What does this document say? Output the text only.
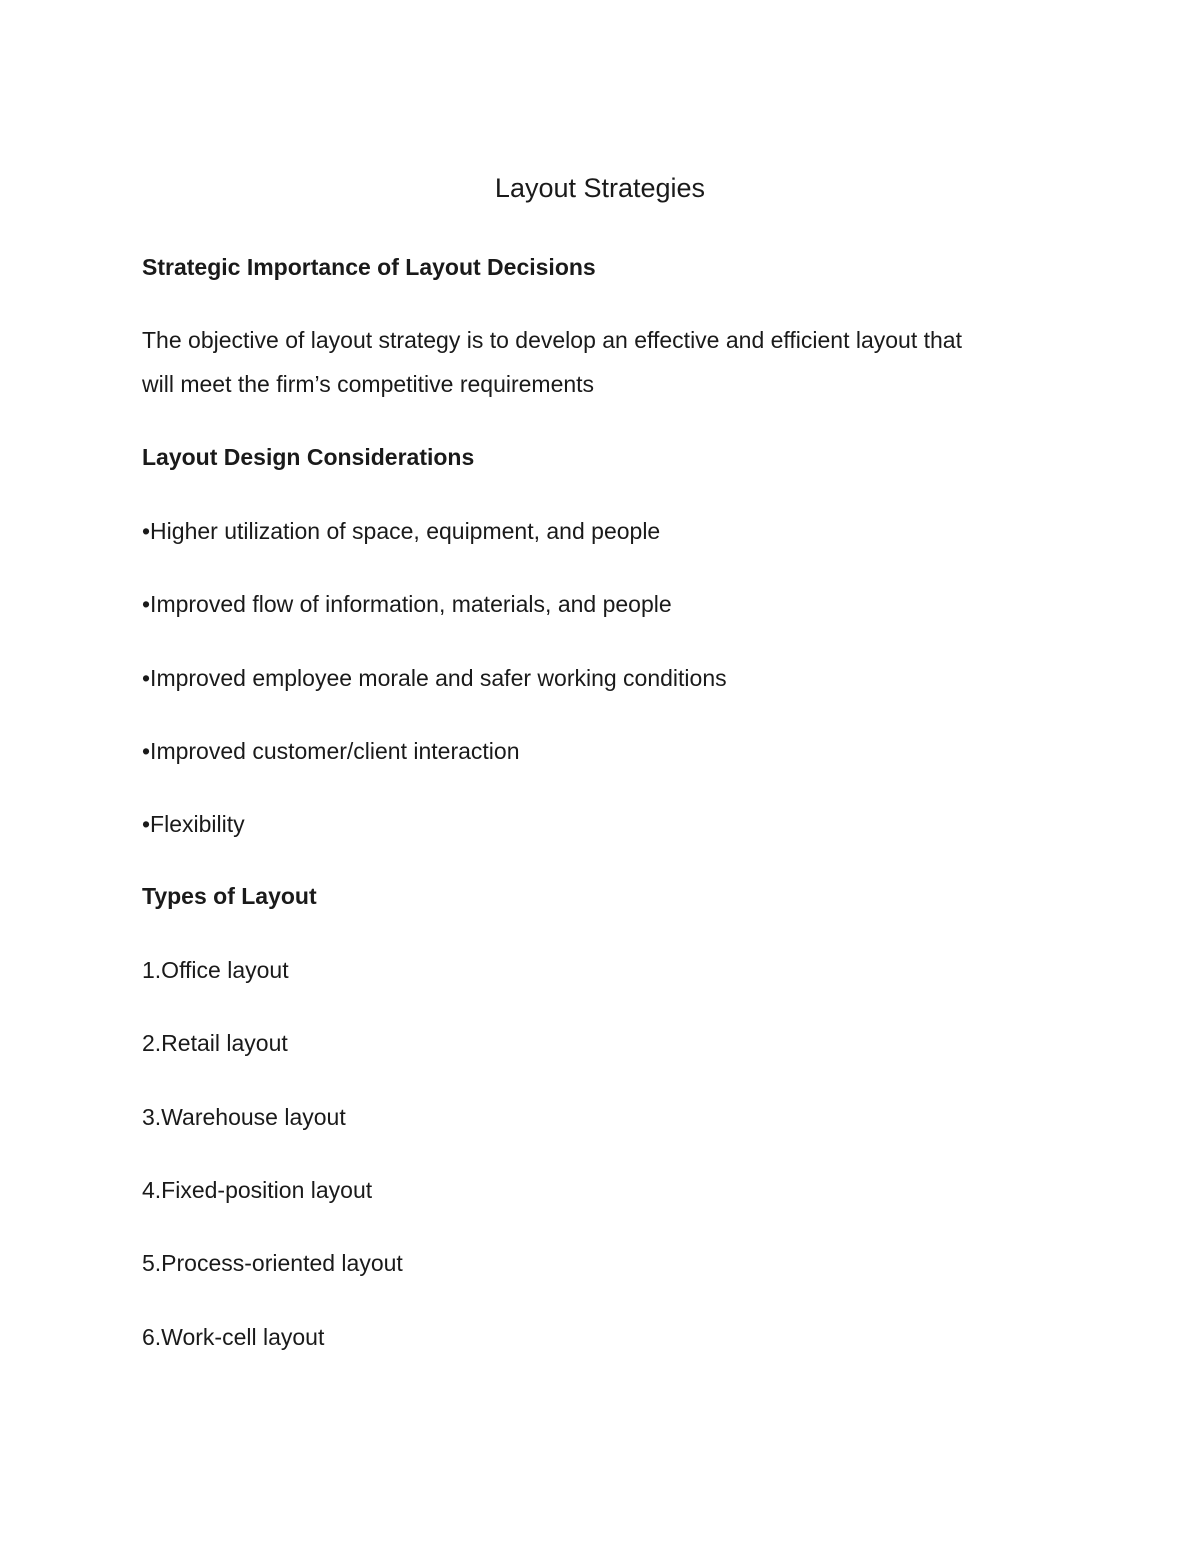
Layout Strategies

Strategic Importance of Layout Decisions

The objective of layout strategy is to develop an effective and efficient layout that

will meet the firm’s competitive requirements

Layout Design Considerations

•Higher utilization of space, equipment, and people

•Improved flow of information, materials, and people

•Improved employee morale and safer working conditions

•Improved customer/client interaction

•Flexibility

Types of Layout

1.Office layout

2.Retail layout

3.Warehouse layout

4.Fixed-position layout

5.Process-oriented layout

6.Work-cell layout
